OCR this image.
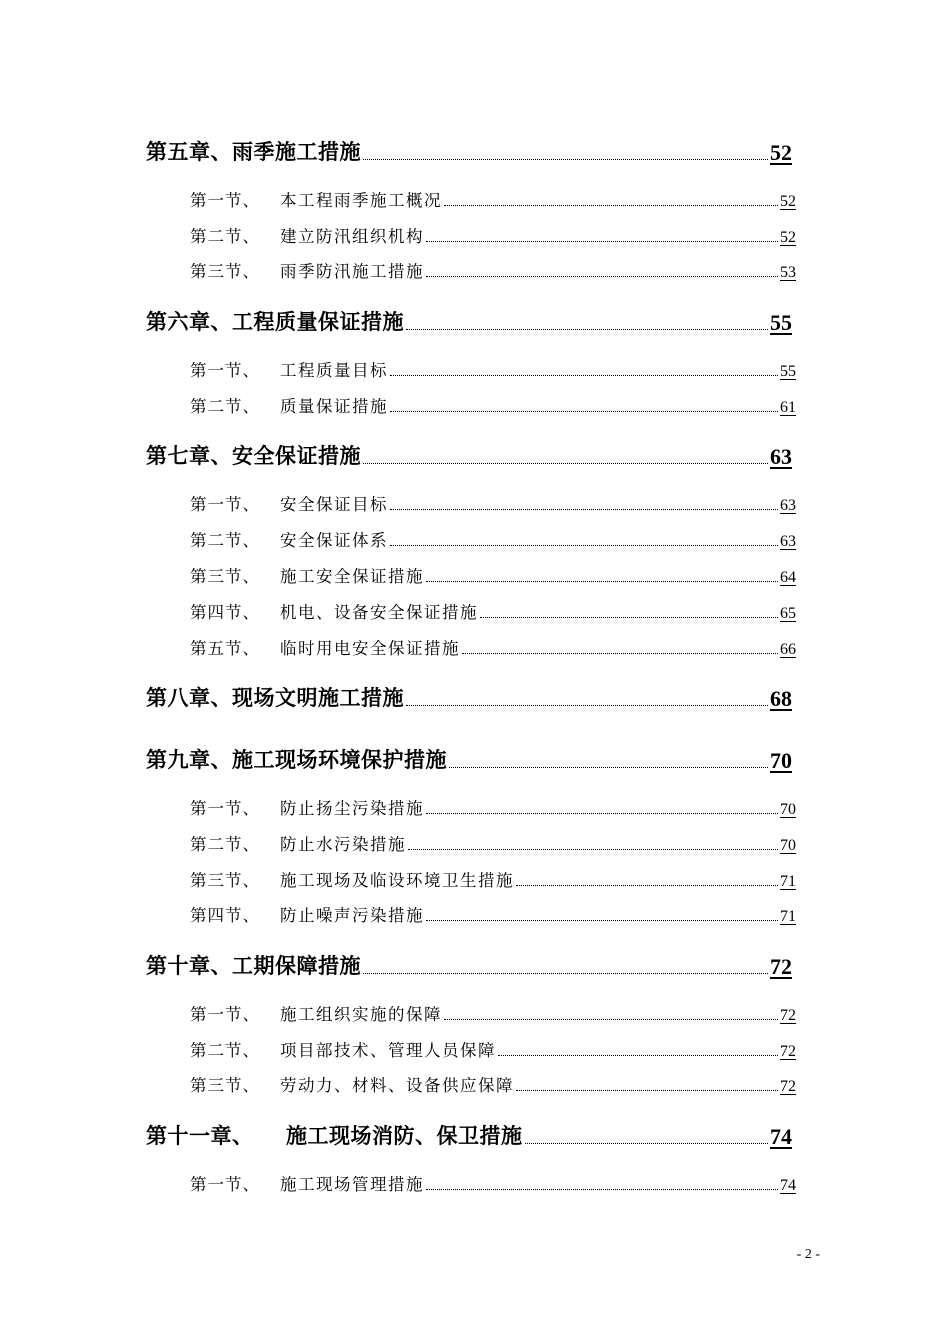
第五章、雨季施工措施	52
第一节、	本工程雨季施工概况	52
第二节、	建立防汛组织机构	52
第三节、	雨季防汛施工措施	53
第六章、工程质量保证措施	55
第一节、	工程质量目标	55
第二节、	质量保证措施	61
第七章、安全保证措施	63
第一节、	安全保证目标	63
第二节、	安全保证体系	63
第三节、	施工安全保证措施	64
第四节、	机电、设备安全保证措施	65
第五节、	临时用电安全保证措施	66
第八章、现场文明施工措施	68
第九章、施工现场环境保护措施	70
第一节、	防止扬尘污染措施	70
第二节、	防止水污染措施	70
第三节、	施工现场及临设环境卫生措施	71
第四节、	防止噪声污染措施	71
第十章、工期保障措施	72
第一节、	施工组织实施的保障	72
第二节、	项目部技术、管理人员保障	72
第三节、	劳动力、材料、设备供应保障	72
第十一章、　　施工现场消防、保卫措施	74
第一节、	施工现场管理措施	74
- 2 -
